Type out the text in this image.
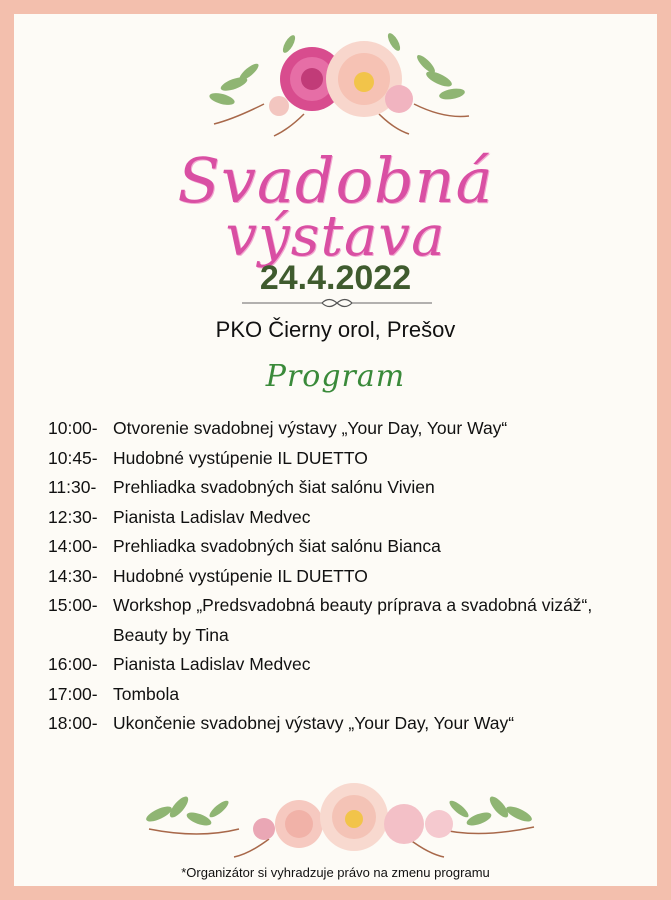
Svadobná
výstava
24.4.2022
PKO Čierny orol, Prešov
Program
10:00- Otvorenie svadobnej výstavy „Your Day, Your Way“
10:45- Hudobné vystúpenie IL DUETTO
11:30- Prehliadka svadobných šiat salónu Vivien
12:30- Pianista Ladislav Medvec
14:00- Prehliadka svadobných šiat salónu Bianca
14:30- Hudobné vystúpenie IL DUETTO
15:00- Workshop „Predsvadobná beauty príprava a svadobná vizáž“,
Beauty by Tina
16:00- Pianista Ladislav Medvec
17:00- Tombola
18:00- Ukončenie svadobnej výstavy „Your Day, Your Way“
*Organizátor si vyhradzuje právo na zmenu programu
